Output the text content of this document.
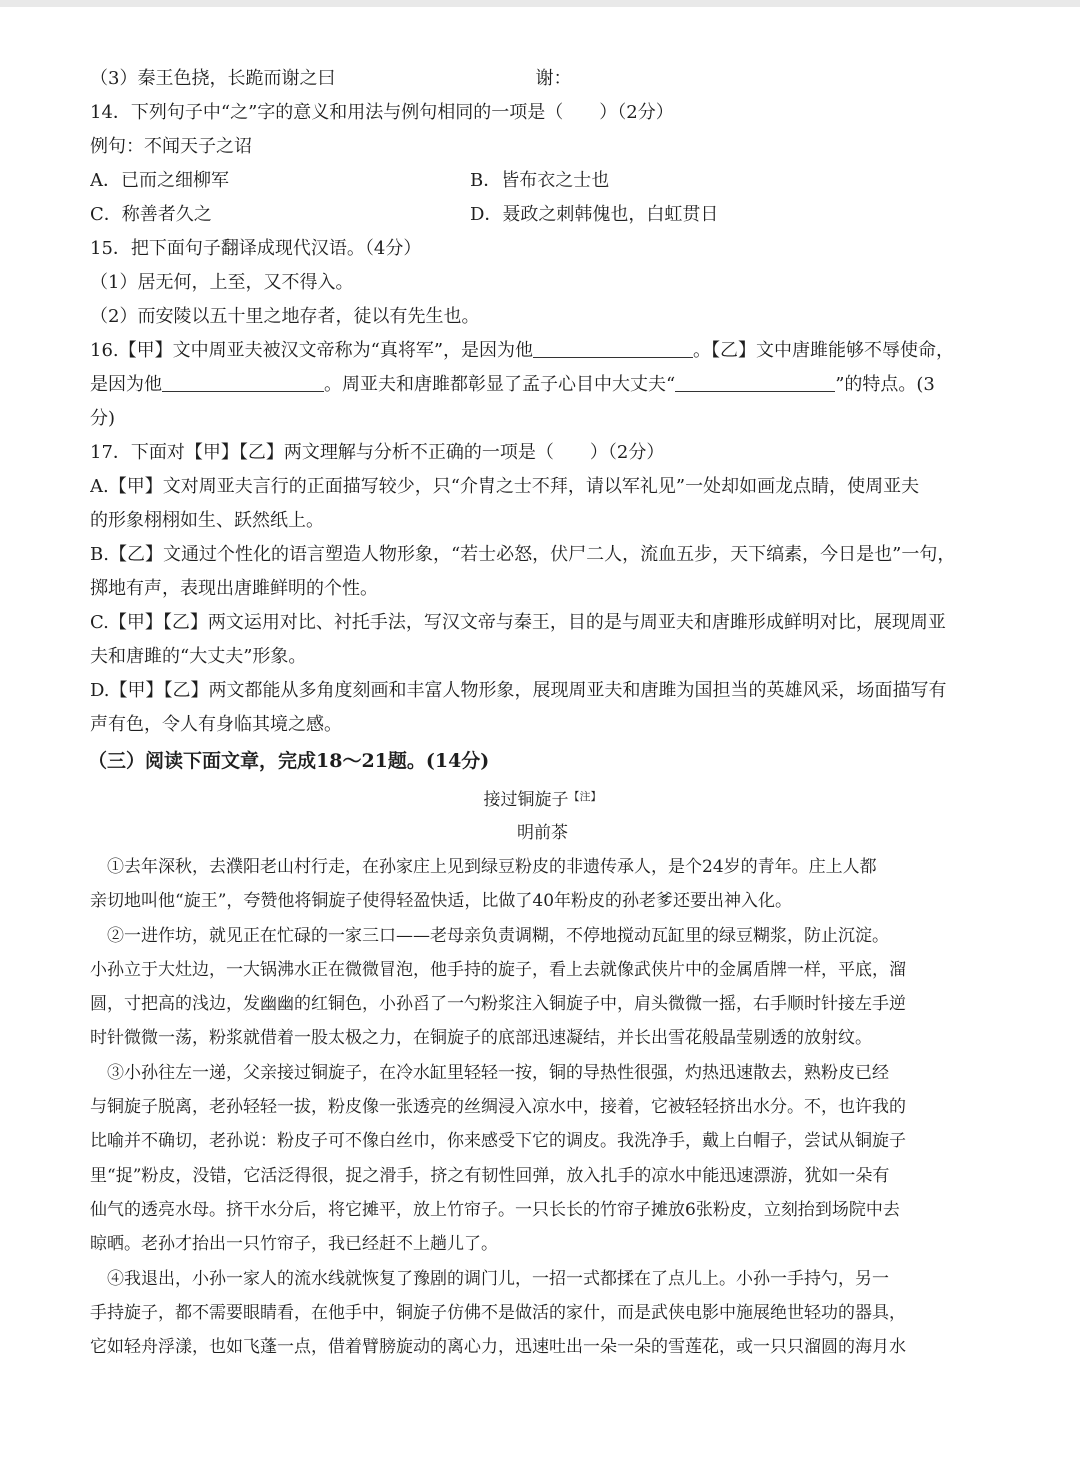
（3）秦王色挠，长跪而谢之曰	谢：
14．下列句子中“之”字的意义和用法与例句相同的一项是（　　）（2分）
例句：不闻天子之诏
A．已而之细柳军	B．皆布衣之士也
C．称善者久之	D．聂政之刺韩傀也，白虹贯日
15．把下面句子翻译成现代汉语。（4分）
（1）居无何，上至，又不得入。
（2）而安陵以五十里之地存者，徒以有先生也。
16.【甲】文中周亚夫被汉文帝称为“真将军”，是因为他	。【乙】文中唐雎能够不辱使命，
是因为他	。周亚夫和唐雎都彰显了孟子心目中大丈夫“	”的特点。(3
分)
17．下面对【甲】【乙】两文理解与分析不正确的一项是（　　）（2分）
A.【甲】文对周亚夫言行的正面描写较少，只“介胄之士不拜，请以军礼见”一处却如画龙点睛，使周亚夫
的形象栩栩如生、跃然纸上。
B.【乙】文通过个性化的语言塑造人物形象，“若士必怒，伏尸二人，流血五步，天下缟素，今日是也”一句，
掷地有声，表现出唐雎鲜明的个性。
C.【甲】【乙】两文运用对比、衬托手法，写汉文帝与秦王，目的是与周亚夫和唐雎形成鲜明对比，展现周亚
夫和唐雎的“大丈夫”形象。
D.【甲】【乙】两文都能从多角度刻画和丰富人物形象，展现周亚夫和唐雎为国担当的英雄风采，场面描写有
声有色，令人有身临其境之感。
（三）阅读下面文章，完成18～21题。(14分)
接过铜旋子$^{【注】}$
明前茶
①去年深秋，去濮阳老山村行走，在孙家庄上见到绿豆粉皮的非遗传承人，是个24岁的青年。庄上人都
亲切地叫他“旋王”，夸赞他将铜旋子使得轻盈快适，比做了40年粉皮的孙老爹还要出神入化。
②一进作坊，就见正在忙碌的一家三口——老母亲负责调糊，不停地搅动瓦缸里的绿豆糊浆，防止沉淀。
小孙立于大灶边，一大锅沸水正在微微冒泡，他手持的旋子，看上去就像武侠片中的金属盾牌一样，平底，溜
圆，寸把高的浅边，发幽幽的红铜色，小孙舀了一勺粉浆注入铜旋子中，肩头微微一摇，右手顺时针接左手逆
时针微微一荡，粉浆就借着一股太极之力，在铜旋子的底部迅速凝结，并长出雪花般晶莹剔透的放射纹。
③小孙往左一递，父亲接过铜旋子，在冷水缸里轻轻一按，铜的导热性很强，灼热迅速散去，熟粉皮已经
与铜旋子脱离，老孙轻轻一拔，粉皮像一张透亮的丝绸浸入凉水中，接着，它被轻轻挤出水分。不，也许我的
比喻并不确切，老孙说：粉皮子可不像白丝巾，你来感受下它的调皮。我洗净手，戴上白帽子，尝试从铜旋子
里“捉”粉皮，没错，它活泛得很，捉之滑手，挤之有韧性回弹，放入扎手的凉水中能迅速漂游，犹如一朵有
仙气的透亮水母。挤干水分后，将它摊平，放上竹帘子。一只长长的竹帘子摊放6张粉皮，立刻抬到场院中去
晾晒。老孙才抬出一只竹帘子，我已经赶不上趟儿了。
④我退出，小孙一家人的流水线就恢复了豫剧的调门儿，一招一式都揉在了点儿上。小孙一手持勺，另一
手持旋子，都不需要眼睛看，在他手中，铜旋子仿佛不是做活的家什，而是武侠电影中施展绝世轻功的器具，
它如轻舟浮漾，也如飞蓬一点，借着臂膀旋动的离心力，迅速吐出一朵一朵的雪莲花，或一只只溜圆的海月水
